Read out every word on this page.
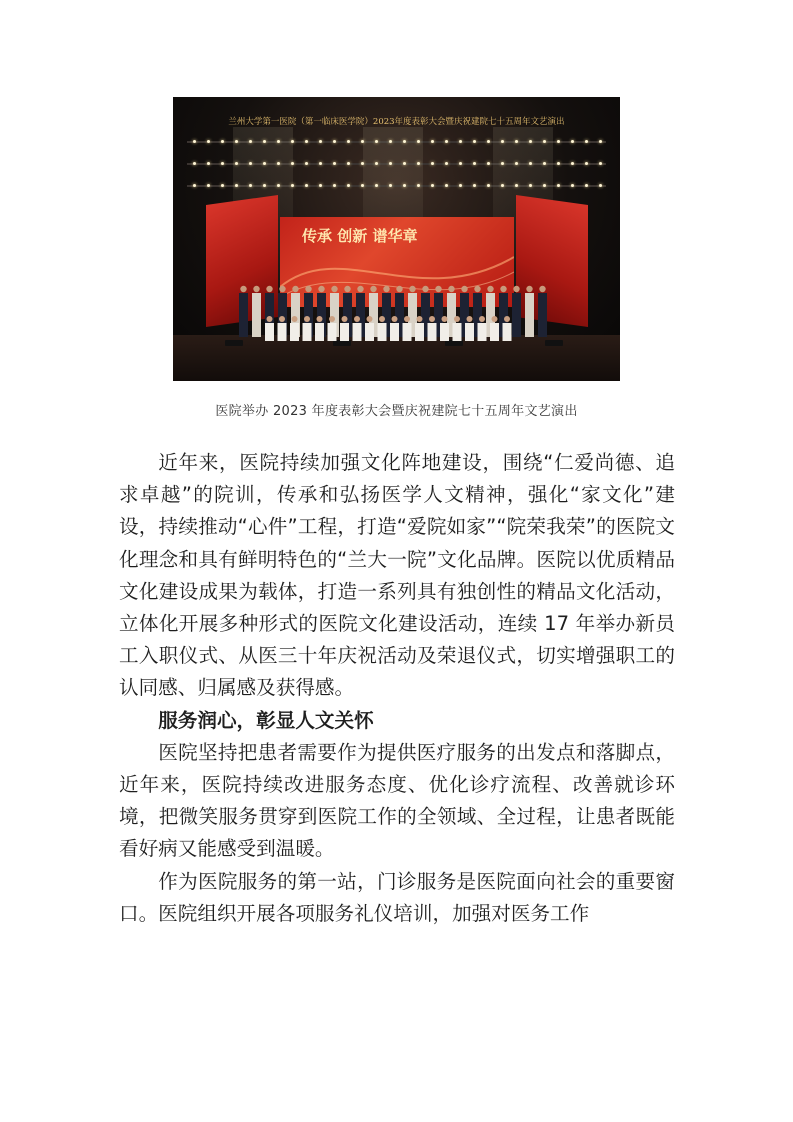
兰州大学第一医院（第一临床医学院）2023年度表彰大会暨庆祝建院七十五周年文艺演出
传承 创新 谱华章
医院举办 2023 年度表彰大会暨庆祝建院七十五周年文艺演出

近年来，医院持续加强文化阵地建设，围绕“仁爱尚德、追求卓越”的院训，传承和弘扬医学人文精神，强化“家文化”建设，持续推动“心件”工程，打造“爱院如家”“院荣我荣”的医院文化理念和具有鲜明特色的“兰大一院”文化品牌。医院以优质精品文化建设成果为载体，打造一系列具有独创性的精品文化活动，立体化开展多种形式的医院文化建设活动，连续 17 年举办新员工入职仪式、从医三十年庆祝活动及荣退仪式，切实增强职工的认同感、归属感及获得感。

服务润心，彰显人文关怀

医院坚持把患者需要作为提供医疗服务的出发点和落脚点，近年来，医院持续改进服务态度、优化诊疗流程、改善就诊环境，把微笑服务贯穿到医院工作的全领域、全过程，让患者既能看好病又能感受到温暖。

作为医院服务的第一站，门诊服务是医院面向社会的重要窗口。医院组织开展各项服务礼仪培训，加强对医务工作
